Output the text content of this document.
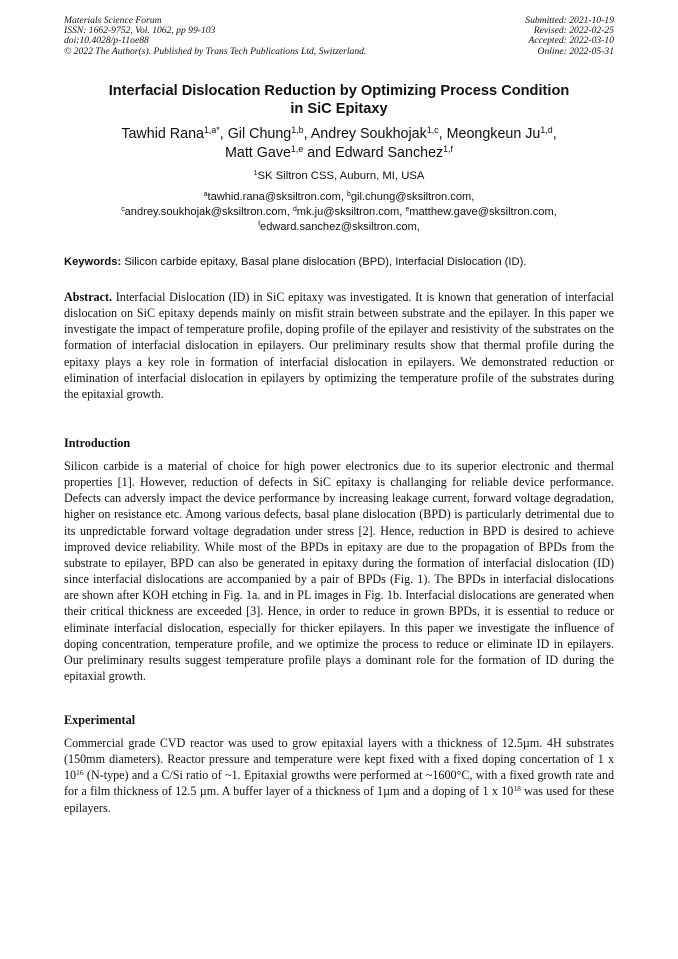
Materials Science Forum
ISSN: 1662-9752, Vol. 1062, pp 99-103
doi:10.4028/p-11oe88
© 2022 The Author(s). Published by Trans Tech Publications Ltd, Switzerland.
Submitted: 2021-10-19
Revised: 2022-02-25
Accepted: 2022-03-10
Online: 2022-05-31
Interfacial Dislocation Reduction by Optimizing Process Condition
in SiC Epitaxy
Tawhid Rana$^{1,a*}$, Gil Chung$^{1,b}$, Andrey Soukhojak$^{1,c}$, Meongkeun Ju$^{1,d}$,
Matt Gave$^{1,e}$ and Edward Sanchez$^{1,f}$
$^1$SK Siltron CSS, Auburn, MI, USA
$^a$tawhid.rana@sksiltron.com, $^b$gil.chung@sksiltron.com,
$^c$andrey.soukhojak@sksiltron.com, $^d$mk.ju@sksiltron.com, $^e$matthew.gave@sksiltron.com,
$^f$edward.sanchez@sksiltron.com,
Keywords: Silicon carbide epitaxy, Basal plane dislocation (BPD), Interfacial Dislocation (ID).

Abstract. Interfacial Dislocation (ID) in SiC epitaxy was investigated. It is known that generation of interfacial dislocation on SiC epitaxy depends mainly on misfit strain between substrate and the epilayer. In this paper we investigate the impact of temperature profile, doping profile of the epilayer and resistivity of the substrates on the formation of interfacial dislocation in epilayers. Our preliminary results show that thermal profile during the epitaxy plays a key role in formation of interfacial dislocation in epilayers. We demonstrated reduction or elimination of interfacial dislocation in epilayers by optimizing the temperature profile of the substrates during the epitaxial growth.

Introduction

Silicon carbide is a material of choice for high power electronics due to its superior electronic and thermal properties [1]. However, reduction of defects in SiC epitaxy is challanging for reliable device performance. Defects can adversly impact the device performance by increasing leakage current, forward voltage degradation, higher on resistance etc. Among various defects, basal plane dislocation (BPD) is particularly detrimental due to its unpredictable forward voltage degradation under stress [2]. Hence, reduction in BPD is desired to achieve improved device reliability. While most of the BPDs in epitaxy are due to the propagation of BPDs from the substrate to epilayer, BPD can also be generated in epitaxy during the formation of interfacial dislocation (ID) since interfacial dislocations are accompanied by a pair of BPDs (Fig. 1). The BPDs in interfacial dislocations are shown after KOH etching in Fig. 1a. and in PL images in Fig. 1b. Interfacial dislocations are generated when their critical thickness are exceeded [3]. Hence, in order to reduce in grown BPDs, it is essential to reduce or eliminate interfacial dislocation, especially for thicker epilayers. In this paper we investigate the influence of doping concentration, temperature profile, and we optimize the process to reduce or eliminate ID in epilayers. Our preliminary results suggest temperature profile plays a dominant role for the formation of ID during the epitaxial growth.

Experimental

Commercial grade CVD reactor was used to grow epitaxial layers with a thickness of 12.5µm. 4H substrates (150mm diameters). Reactor pressure and temperature were kept fixed with a fixed doping concertation of 1 x $10^{16}$ (N-type) and a C/Si ratio of ~1. Epitaxial growths were performed at ~1600°C, with a fixed growth rate and for a film thickness of 12.5 µm. A buffer layer of a thickness of 1µm and a doping of 1 x $10^{18}$ was used for these epilayers.
